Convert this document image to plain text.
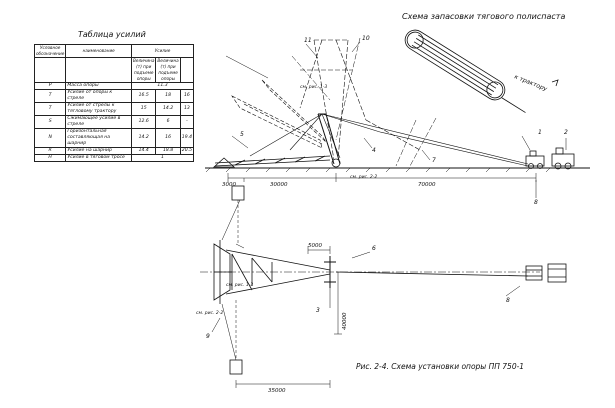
Таблица усилий
Схема запасовки тягового полиспаста
Рис. 2-4. Схема установки опоры ПП 750-1
Условное обозначение	наименование	Усилие		
		Величина (т) при подъеме опоры	Величина (т) при подъеме опоры	
Р	Масса опоры	11.3		
Т	Усилие от опоры к стреле	16.5	18	16
Т	Усилие от стрелы к тягловому трактору	15	14.2	13
S	Сжимающее усилие в стреле	12.6	6	–
N	Горизонтальная составляющая на шарнир	14.2	16	19.4
R	Усилие на шарнир	14.4	18.8	20.5
Н	Усилие в тяговом тросе	1		
к трактору
см. рис. 1-3
см. рис. 2-2
см. рис. 1-3
см. рис. 2-2
3000	30000	70000
5000
40000
35000
1	2
3
4
5
6
7
8
8
9
10
11
